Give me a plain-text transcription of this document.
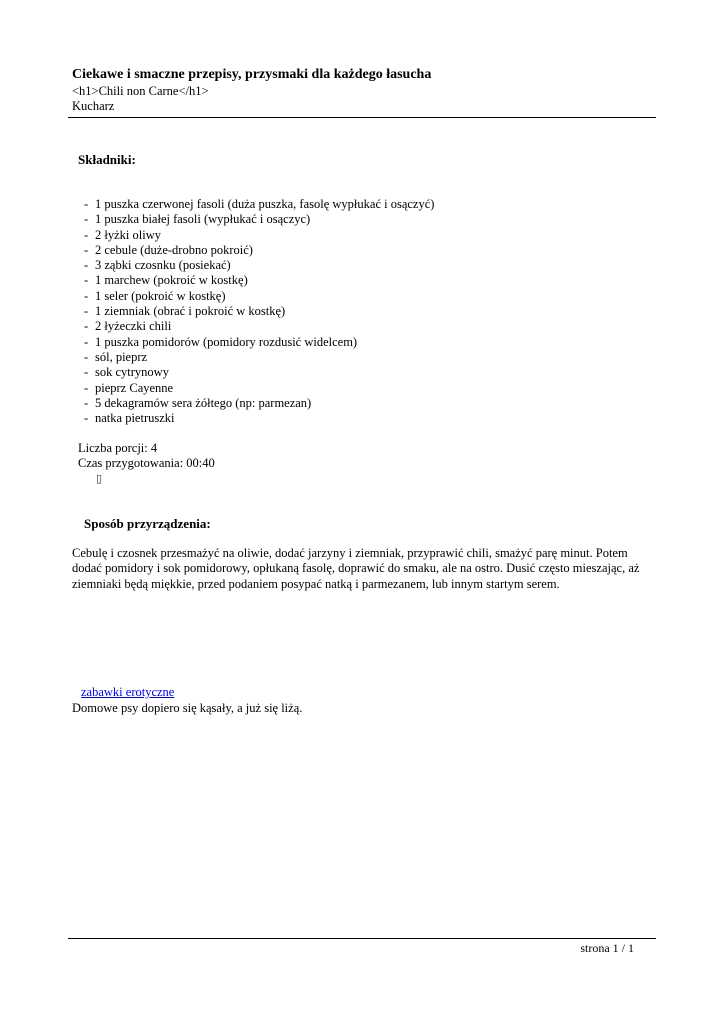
Ciekawe i smaczne przepisy, przysmaki dla każdego łasucha
<h1>Chili non Carne</h1>
Kucharz
Składniki:
- 1 puszka czerwonej fasoli (duża puszka, fasolę wypłukać i osączyć)
- 1 puszka białej fasoli (wypłukać i osączyc)
- 2 łyżki oliwy
- 2 cebule (duże-drobno pokroić)
- 3 ząbki czosnku (posiekać)
- 1 marchew (pokroić w kostkę)
- 1 seler (pokroić w kostkę)
- 1 ziemniak (obrać i pokroić w kostkę)
- 2 łyżeczki chili
- 1 puszka pomidorów (pomidory rozdusić widelcem)
- sól, pieprz
- sok cytrynowy
- pieprz Cayenne
- 5 dekagramów sera żółtego (np: parmezan)
- natka pietruszki
Liczba porcji: 4
Czas przygotowania: 00:40
▯
Sposób przyrządzenia:
Cebulę i czosnek przesmażyć na oliwie, dodać jarzyny i ziemniak, przyprawić chili, smażyć parę minut. Potem dodać pomidory i sok pomidorowy, opłukaną fasolę, doprawić do smaku, ale na ostro. Dusić często mieszając, aż ziemniaki będą miękkie, przed podaniem posypać natką i parmezanem, lub innym startym serem.
zabawki erotyczne
Domowe psy dopiero się kąsały, a już się liżą.
strona 1 / 1
